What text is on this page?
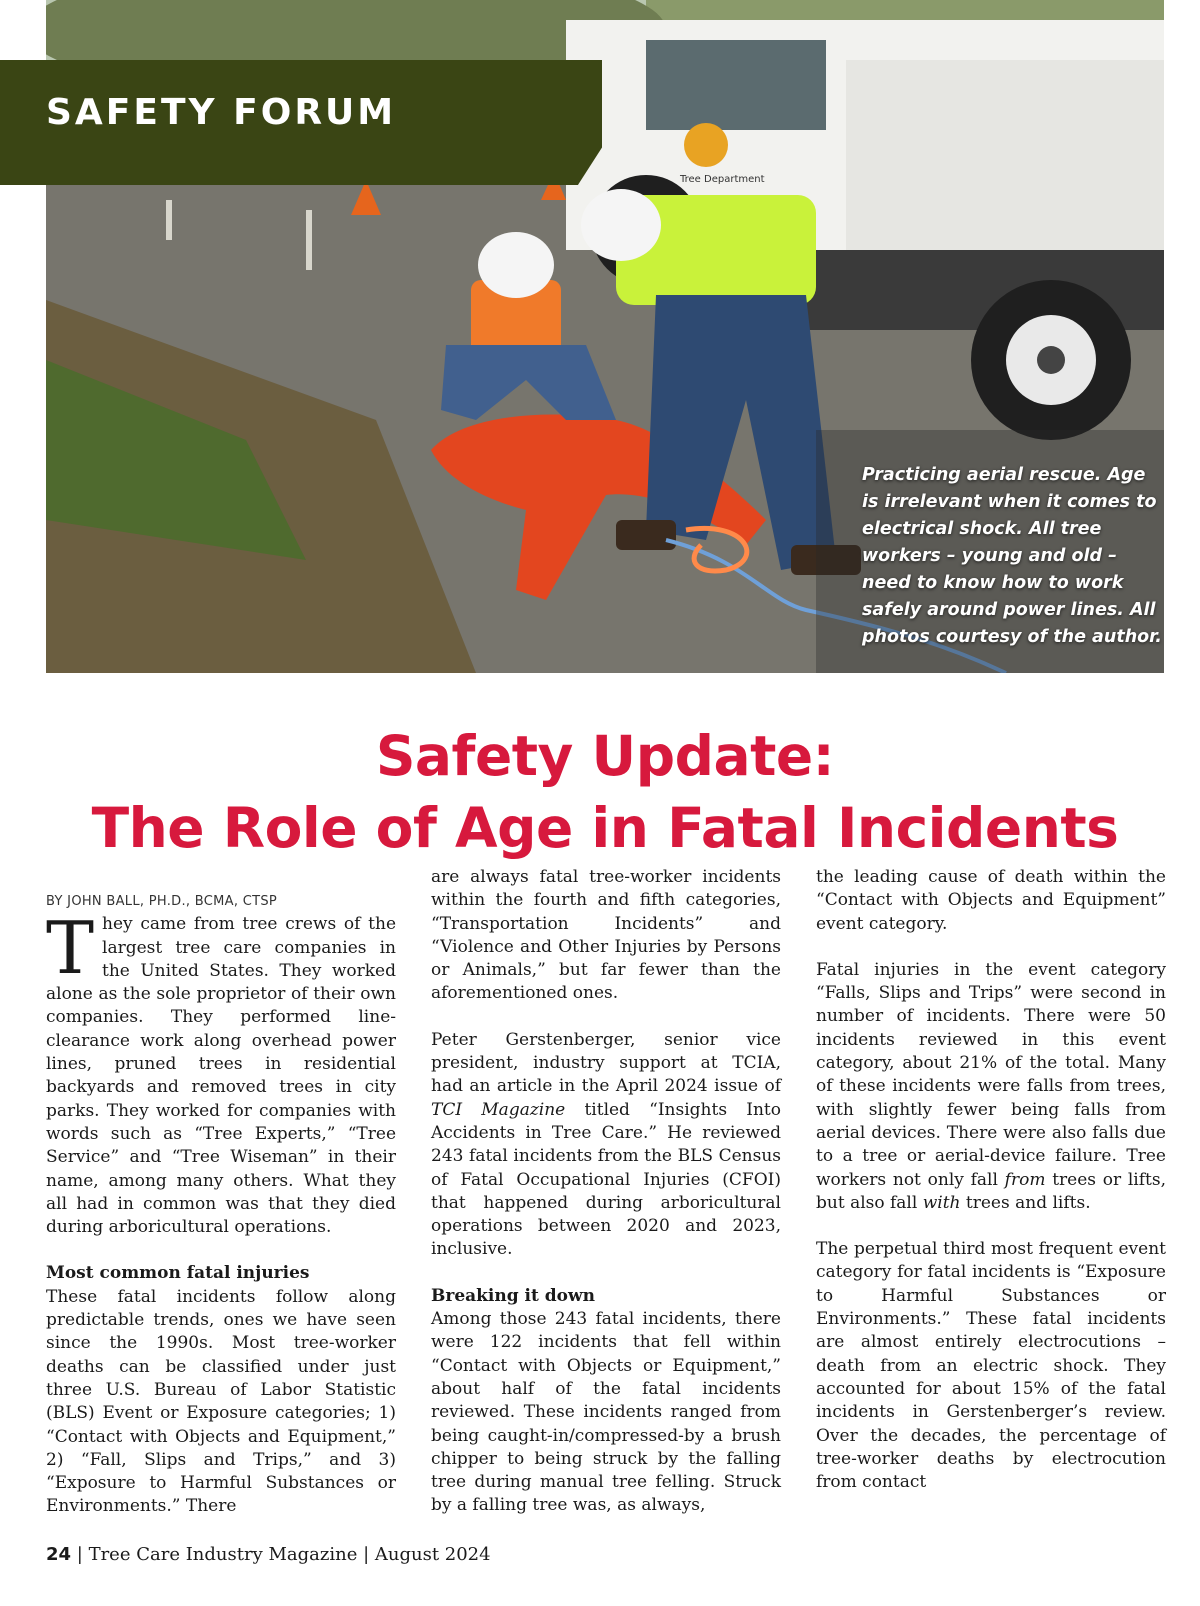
Tree Department
SAFETY FORUM
Practicing aerial rescue. Age is irrelevant when it comes to electrical shock. All tree workers – young and old – need to know how to work safely around power lines. All photos courtesy of the author.
Safety Update:
The Role of Age in Fatal Incidents

BY JOHN BALL, PH.D., BCMA, CTSP

They came from tree crews of the largest tree care companies in the United States. They worked alone as the sole proprietor of their own companies. They performed line-clearance work along overhead power lines, pruned trees in residential backyards and removed trees in city parks. They worked for companies with words such as “Tree Experts,” “Tree Service” and “Tree Wiseman” in their name, among many others. What they all had in common was that they died during arboricultural operations.

Most common fatal injuries

These fatal incidents follow along predictable trends, ones we have seen since the 1990s. Most tree-worker deaths can be classified under just three U.S. Bureau of Labor Statistic (BLS) Event or Exposure categories; 1) “Contact with Objects and Equipment,” 2) “Fall, Slips and Trips,” and 3) “Exposure to Harmful Substances or Environments.” There

are always fatal tree-worker incidents within the fourth and fifth categories, “Transportation Incidents” and “Violence and Other Injuries by Persons or Animals,” but far fewer than the aforementioned ones.

Peter Gerstenberger, senior vice president, industry support at TCIA, had an article in the April 2024 issue of TCI Magazine titled “Insights Into Accidents in Tree Care.” He reviewed 243 fatal incidents from the BLS Census of Fatal Occupational Injuries (CFOI) that happened during arboricultural operations between 2020 and 2023, inclusive.

Breaking it down

Among those 243 fatal incidents, there were 122 incidents that fell within “Contact with Objects or Equipment,” about half of the fatal incidents reviewed. These incidents ranged from being caught-in/compressed-by a brush chipper to being struck by the falling tree during manual tree felling. Struck by a falling tree was, as always,

the leading cause of death within the “Contact with Objects and Equipment” event category.

Fatal injuries in the event category “Falls, Slips and Trips” were second in number of incidents. There were 50 incidents reviewed in this event category, about 21% of the total. Many of these incidents were falls from trees, with slightly fewer being falls from aerial devices. There were also falls due to a tree or aerial-device failure. Tree workers not only fall from trees or lifts, but also fall with trees and lifts.

The perpetual third most frequent event category for fatal incidents is “Exposure to Harmful Substances or Environments.” These fatal incidents are almost entirely electrocutions – death from an electric shock. They accounted for about 15% of the fatal incidents in Gerstenberger’s review. Over the decades, the percentage of tree-worker deaths by electrocution from contact

24 | Tree Care Industry Magazine | August 2024
